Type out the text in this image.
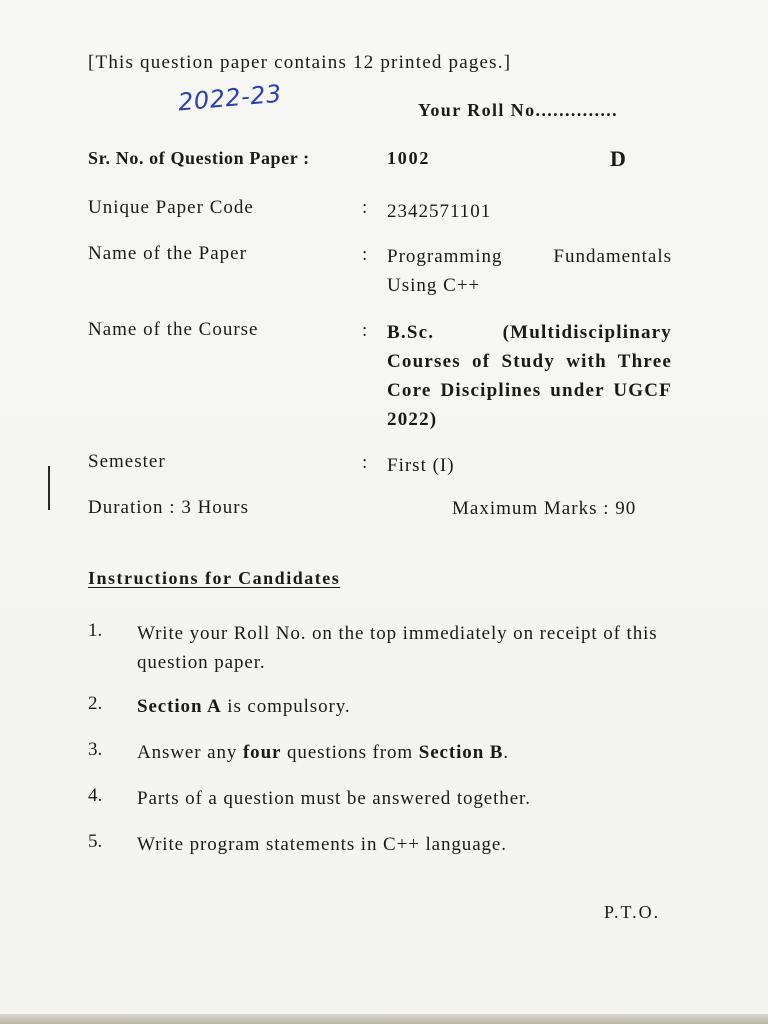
[This question paper contains 12 printed pages.]
2022-23	Your Roll No..............
Sr. No. of Question Paper :	1002	D
Unique Paper Code	: 2342571101
Name of the Paper	: Programming Fundamentals Using C++
Name of the Course	: B.Sc. (Multidisciplinary Courses of Study with Three Core Disciplines under UGCF 2022)
Semester	: First (I)
Duration : 3 Hours	Maximum Marks : 90
Instructions for Candidates
1. Write your Roll No. on the top immediately on receipt of this question paper.
2. Section A is compulsory.
3. Answer any four questions from Section B.
4. Parts of a question must be answered together.
5. Write program statements in C++ language.
P.T.O.
